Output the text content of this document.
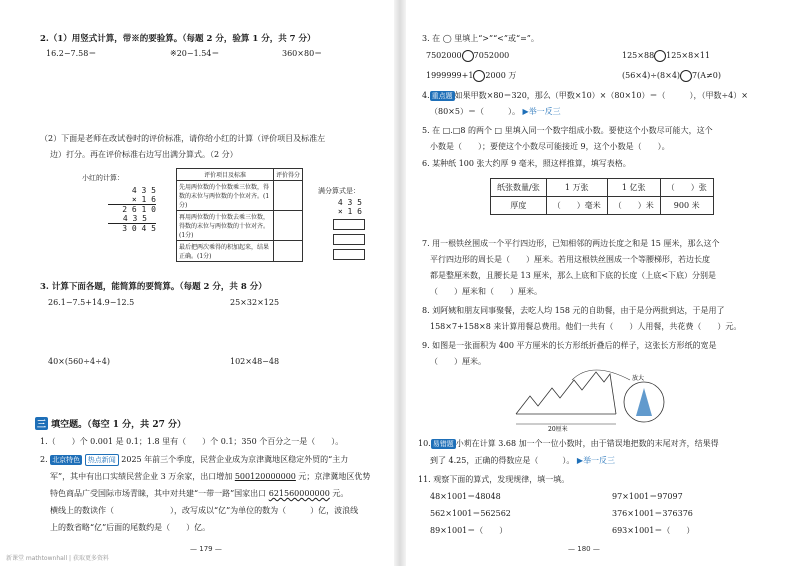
2.（1）用竖式计算，带※的要验算。（每题 2 分，验算 1 分，共 7 分）
16.2−7.58＝	※20−1.54＝	360×80＝
（2）下面是老师在改试卷时的评价标准，请你给小红的计算（评价项目及标准左
边）打分。再在评价标准右边写出满分算式。（2 分）
小红的计算：
4 3 5
× 1 6
2 6 1 0
4 3 5
3 0 4 5
评价项目及标准	评价得分
先用两位数的个位数乘三位数，得数的末位与两位数的个位对齐。(1分)	
再用两位数的十位数去乘三位数，得数的末位与两位数的十位对齐。(1分)	
最后把两次乘得的积加起来，结果正确。(1分)	
满分算式是：
4 3 5
× 1 6
3. 计算下面各题，能简算的要简算。（每题 2 分，共 8 分）
26.1−7.5+14.9−12.5	25×32×125
40×(560÷4÷4)	102×48−48
三 填空题。（每空 1 分，共 27 分）
1.（　　）个 0.001 是 0.1；1.8 里有（　　）个 0.1；350 个百分之一是（　　）。
2. 北京特色 热点新闻 2025 年前三个季度，民营企业成为京津冀地区稳定外贸的“主力
军”，其中有出口实绩民营企业 3 万余家，出口增加 500120000000 元；京津冀地区优势
特色商品广受国际市场青睐，其中对共建“一带一路”国家出口 621560000000 元。
横线上的数读作（　　　　　　　），改写成以“亿”为单位的数为（　　　）亿，波浪线
上的数省略“亿”后面的尾数约是（　　）亿。
— 179 —
新课堂 mathtownhall | 获取更多资料
3. 在 ◯ 里填上“>”“<”或“=”。
7502000 7052000	125×88 125×8×11
1999999+1 2000 万	(56×4)÷(8×4) 7(A≠0)
4. 重点题 如果甲数×80＝320，那么（甲数×10）×（80×10）＝（　　　），（甲数÷4）×
（80×5）＝（　　　）。 ▶举一反三
5. 在 □.□8 的两个 □ 里填入同一个数字组成小数。要使这个小数尽可能大，这个
小数是（　　）；要使这个小数尽可能接近 9，这个小数是（　　）。
6. 某种纸 100 张大约厚 9 毫米，照这样推算，填写表格。
纸张数量/张	1 万张	1 亿张	（　　）张
厚度	（　　）毫米	（　　）米	900 米
7. 用一根铁丝围成一个平行四边形，已知相邻的两边长度之和是 15 厘米，那么这个
平行四边形的周长是（　　）厘米。若用这根铁丝围成一个等腰梯形，若边长度
都是整厘米数，且腰长是 13 厘米，那么上底和下底的长度（上底<下底）分别是
（　　）厘米和（　　）厘米。
8. 刘阿姨和朋友同事聚餐，去吃人均 158 元的自助餐，由于是分两批到达，于是用了
158×7+158×8 来计算用餐总费用。他们一共有（　　）人用餐，共花费（　　）元。
9. 如图是一张面积为 400 平方厘米的长方形纸折叠后的样子，这张长方形纸的宽是
（　　）厘米。
放大
20厘米
10. 易错题 小莉在计算 3.68 加一个一位小数时，由于错误地把数的末尾对齐，结果得
到了 4.25，正确的得数应是（　　　）。 ▶举一反三
11. 观察下面的算式，发现规律，填一填。
48×1001＝48048	97×1001＝97097
562×1001＝562562	376×1001＝376376
89×1001＝（　　）	693×1001＝（　　）
— 180 —
